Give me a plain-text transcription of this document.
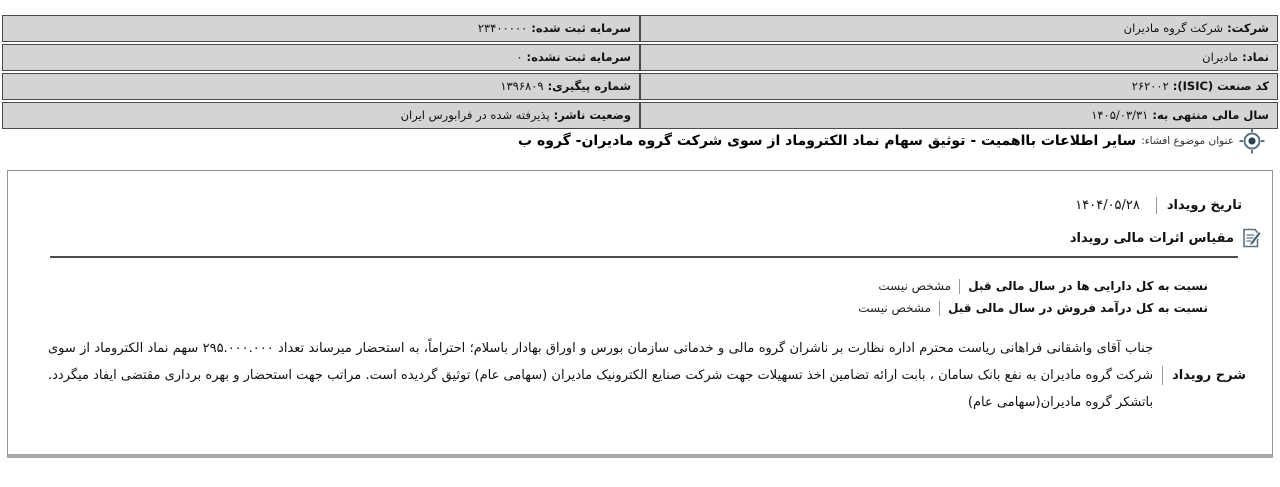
شرکت:شرکت گروه مادیران	سرمایه ثبت شده:۲۳۴۰۰۰۰۰
نماد:مادیران	سرمایه ثبت نشده:۰
کد صنعت (ISIC):۲۶۲۰۰۲	شماره پیگیری:۱۳۹۶۸۰۹
سال مالی منتهی به:۱۴۰۵/۰۳/۳۱	وضعیت ناشر:پذیرفته شده در فرابورس ایران
عنوان موضوع افشاء:
سایر اطلاعات بااهمیت - توثیق سهام نماد الکتروماد از سوی شرکت گروه مادیران- گروه ب
تاریخ رویداد
۱۴۰۴/۰۵/۲۸
مقیاس اثرات مالی رویداد
نسبت به کل دارایی ها در سال مالی قبل
مشخص نیست
نسبت به کل درآمد فروش در سال مالی قبل
مشخص نیست
شرح رویداد

جناب آقای واشقانی فراهانی ریاست محترم اداره نظارت بر ناشران گروه مالی و خدماتی سازمان بورس و اوراق بهادار باسلام؛ احتراماً، به استحضار میرساند تعداد ۲۹۵.۰۰۰.۰۰۰ سهم نماد الکتروماد از سوی شرکت گروه مادیران به نفع بانک سامان ، بابت ارائه تضامین اخذ تسهیلات جهت شرکت صنایع الکترونیک مادیران (سهامی عام) توثیق گردیده است. مراتب جهت استحضار و بهره برداری مقتضی ایفاد میگردد. باتشکر گروه مادیران(سهامی عام)
